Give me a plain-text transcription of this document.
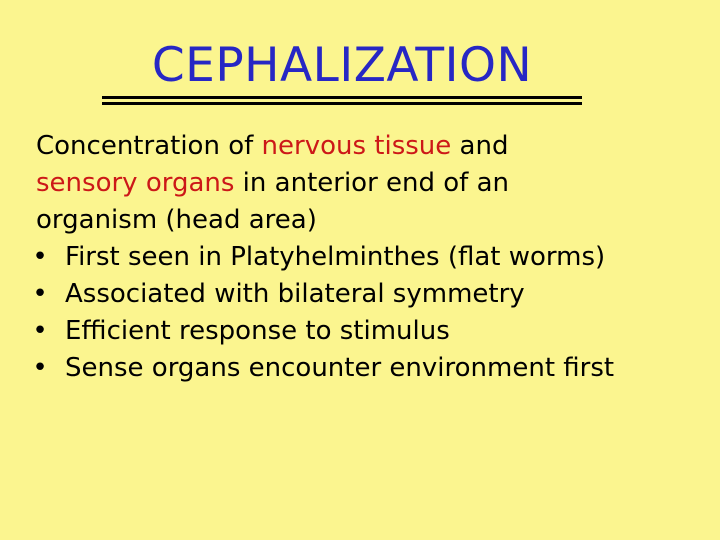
CEPHALIZATION

Concentration of nervous tissue and
sensory organs in anterior end of an
organism (head area)

• First seen in Platyhelminthes (flat worms)
• Associated with bilateral symmetry
• Efficient response to stimulus
• Sense organs encounter environment first
